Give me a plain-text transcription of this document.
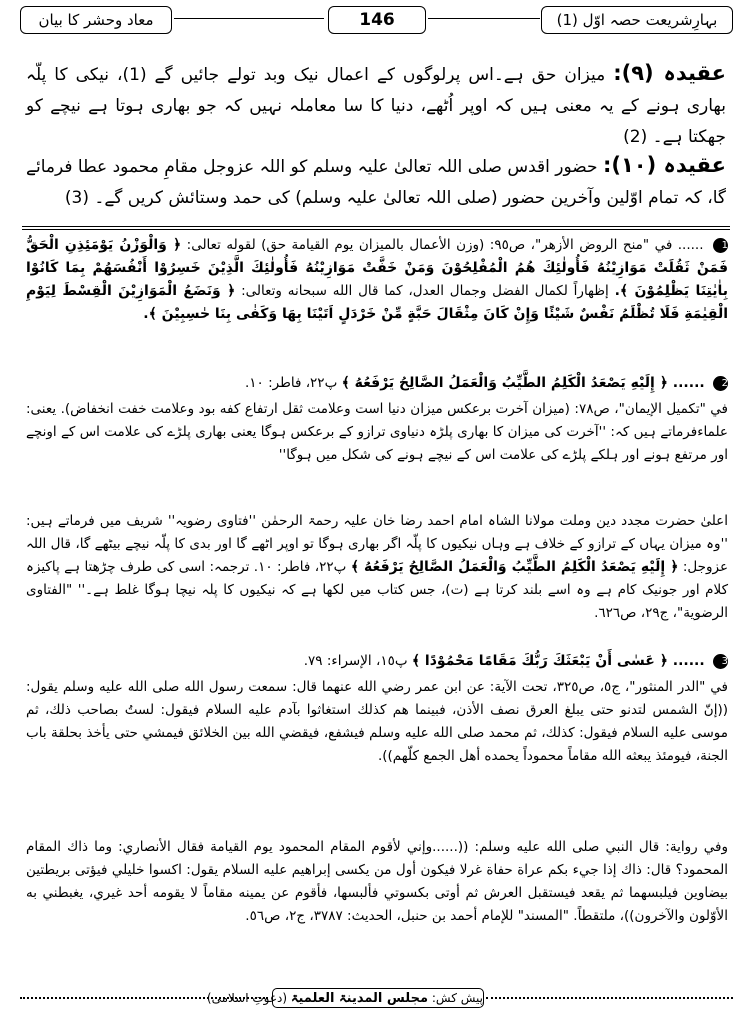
معاد وحشر کا بیان	146	بہارِشریعت حصہ اوّل (1)
عقیدہ (۹): میزان حق ہے۔اس پرلوگوں کے اعمال نیک وبد تولے جائیں گے (1)، نیکی کا پلّہ بھاری ہونے کے یہ معنی ہیں کہ اوپر اُٹھے، دنیا کا سا معاملہ نہیں کہ جو بھاری ہوتا ہے نیچے کو جھکتا ہے۔ (2)
عقیدہ (۱۰): حضور اقدس صلی اللہ تعالیٰ علیہ وسلم کو اللہ عزوجل مقامِ محمود عطا فرمائے گا، کہ تمام اوّلین وآخرین حضور (صلی اللہ تعالیٰ علیہ وسلم) کی حمد وستائش کریں گے۔ (3)
1 ...... في "منح الروض الأزهر"، ص٩٥: (وزن الأعمال بالميزان يوم القيامة حق) لقوله تعالى: ﴿ وَالْوَزْنُ يَوْمَئِذِنِ الْحَقُّ فَمَنْ ثَقُلَتْ مَوَازِيْنُهُ فَأُولٰئِكَ هُمُ الْمُفْلِحُوْنَ وَمَنْ خَفَّتْ مَوَازِيْنُهُ فَأُولٰئِكَ الَّذِيْنَ خَسِرُوْا أَنْفُسَهُمْ بِمَا كَانُوْا بِاٰيٰتِنَا يَظْلِمُوْنَ ﴾. إظهاراً لكمال الفضل وجمال العدل، كما قال الله سبحانه وتعالى: ﴿ وَنَضَعُ الْمَوَازِيْنَ الْقِسْطَ لِيَوْمِ الْقِيٰمَةِ فَلَا تُظْلَمُ نَفْسٌ شَيْئًا وَإِنْ كَانَ مِثْقَالَ حَبَّةٍ مِّنْ خَرْدَلٍ اَتَيْنَا بِهَا وَكَفٰى بِنَا حٰسِبِيْنَ ﴾.
2 ...... ﴿ إِلَيْهِ يَصْعَدُ الْكَلِمُ الطَّيِّبُ وَالْعَمَلُ الصَّالِحُ يَرْفَعُهُ ﴾ پ٢٢، فاطر: ١٠.
في "تكميل الإيمان"، ص٧٨: (ميزان آخرت برعكس ميزان دنيا است وعلامت ثقل ارتفاع كفه بود وعلامت خفت انخفاض). یعنی: علماءفرماتے ہیں کہ: ''آخرت کی میزان کا بھاری پلڑہ دنیاوی ترازو کے برعکس ہوگا یعنی بھاری پلڑے کی علامت اس کے اونچے اور مرتفع ہونے اور ہلکے پلڑے کی علامت اس کے نیچے ہونے کی شکل میں ہوگا''
اعلیٰ حضرت مجدد دین وملت مولانا الشاہ امام احمد رضا خان علیہ رحمۃ الرحمٰن ''فتاوی رضویہ'' شریف میں فرماتے ہیں: ''وہ میزان یہاں کے ترازو کے خلاف ہے وہاں نیکیوں کا پلّہ اگر بھاری ہوگا تو اوپر اٹھے گا اور بدی کا پلّہ نیچے بیٹھے گا، قال اللہ عزوجل: ﴿ إِلَيْهِ يَصْعَدُ الْكَلِمُ الطَّيِّبُ وَالْعَمَلُ الصَّالِحُ يَرْفَعُهُ ﴾ پ٢٢، فاطر: ١٠. ترجمہ: اسی کی طرف چڑھتا ہے پاکیزہ کلام اور جونیک کام ہے وہ اسے بلند کرتا ہے (ت)، جس کتاب میں لکھا ہے کہ نیکیوں کا پلہ نیچا ہوگا غلط ہے۔'' "الفتاوى الرضوية"، ج٢٩، ص٦٢٦.
3 ...... ﴿ عَسٰى أَنْ يَبْعَثَكَ رَبُّكَ مَقَامًا مَحْمُوْدًا ﴾ پ١٥، الإسراء: ٧٩.
في "الدر المنثور"، ج٥، ص٣٢٥، تحت الآية: عن ابن عمر رضي الله عنهما قال: سمعت رسول الله صلى الله عليه وسلم يقول: ((إنّ الشمس لتدنو حتى يبلغ العرق نصف الأذن، فبينما هم كذلك استغاثوا بآدم عليه السلام فيقول: لستُ بصاحب ذلك، ثم موسى عليه السلام فيقول: كذلك، ثم محمد صلى الله عليه وسلم فيشفع، فيقضي الله بين الخلائق فيمشي حتى يأخذ بحلقة باب الجنة، فيومئذ يبعثه الله مقاماً محموداً يحمده أهل الجمع كلّهم)).
وفي رواية: قال النبي صلى الله عليه وسلم: ((......وإني لأقوم المقام المحمود يوم القيامة فقال الأنصاري: وما ذاك المقام المحمود؟ قال: ذاك إذا جيء بكم عراة حفاة غرلا فيكون أول من يكسى إبراهيم عليه السلام يقول: اكسوا خليلي فيؤتى بريطتين بيضاوين فيلبسهما ثم يقعد فيستقبل العرش ثم أوتى بكسوتي فألبسها، فأقوم عن يمينه مقاماً لا يقومه أحد غيري، يغبطني به الأوّلون والآخرون))، ملتقطاً. "المسند" للإمام أحمد بن حنبل، الحديث: ٣٧٨٧، ج٢، ص٥٦.
پیش کش: مجلس المدینۃ العلمیۃ (دعوتِ اسلامی)
